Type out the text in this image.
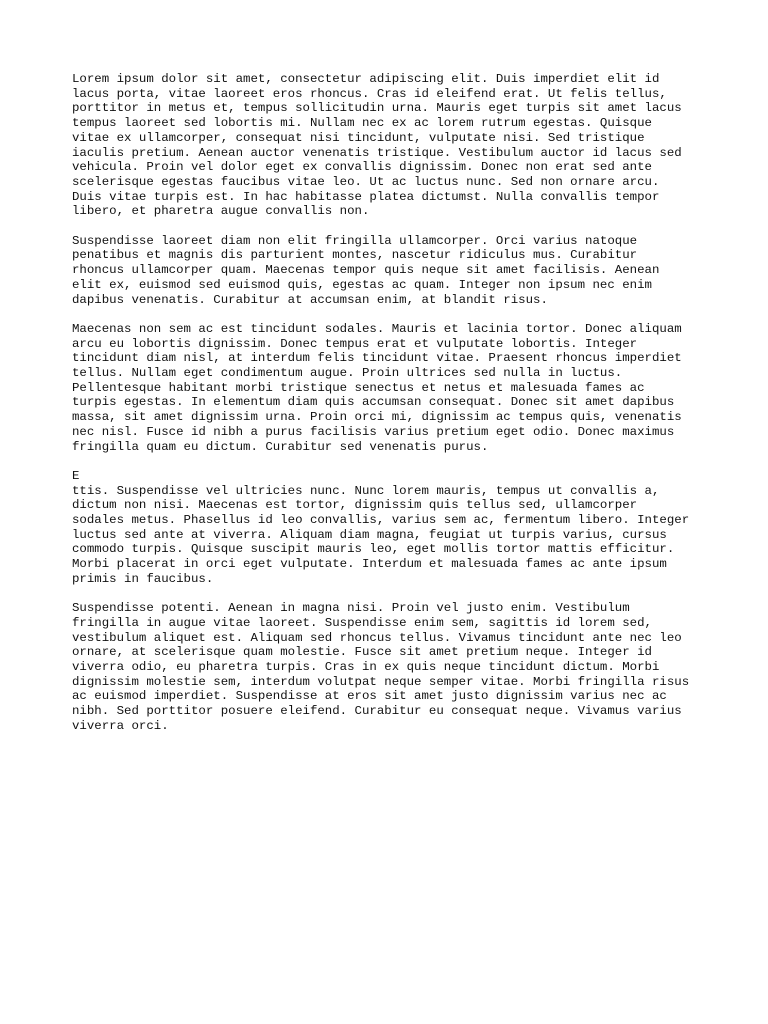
Lorem ipsum dolor sit amet, consectetur adipiscing elit. Duis imperdiet elit id
lacus porta, vitae laoreet eros rhoncus. Cras id eleifend erat. Ut felis tellus,
porttitor in metus et, tempus sollicitudin urna. Mauris eget turpis sit amet lacus
tempus laoreet sed lobortis mi. Nullam nec ex ac lorem rutrum egestas. Quisque
vitae ex ullamcorper, consequat nisi tincidunt, vulputate nisi. Sed tristique
iaculis pretium. Aenean auctor venenatis tristique. Vestibulum auctor id lacus sed
vehicula. Proin vel dolor eget ex convallis dignissim. Donec non erat sed ante
scelerisque egestas faucibus vitae leo. Ut ac luctus nunc. Sed non ornare arcu.
Duis vitae turpis est. In hac habitasse platea dictumst. Nulla convallis tempor
libero, et pharetra augue convallis non.

Suspendisse laoreet diam non elit fringilla ullamcorper. Orci varius natoque
penatibus et magnis dis parturient montes, nascetur ridiculus mus. Curabitur
rhoncus ullamcorper quam. Maecenas tempor quis neque sit amet facilisis. Aenean
elit ex, euismod sed euismod quis, egestas ac quam. Integer non ipsum nec enim
dapibus venenatis. Curabitur at accumsan enim, at blandit risus.

Maecenas non sem ac est tincidunt sodales. Mauris et lacinia tortor. Donec aliquam
arcu eu lobortis dignissim. Donec tempus erat et vulputate lobortis. Integer
tincidunt diam nisl, at interdum felis tincidunt vitae. Praesent rhoncus imperdiet
tellus. Nullam eget condimentum augue. Proin ultrices sed nulla in luctus.
Pellentesque habitant morbi tristique senectus et netus et malesuada fames ac
turpis egestas. In elementum diam quis accumsan consequat. Donec sit amet dapibus
massa, sit amet dignissim urna. Proin orci mi, dignissim ac tempus quis, venenatis
nec nisl. Fusce id nibh a purus facilisis varius pretium eget odio. Donec maximus
fringilla quam eu dictum. Curabitur sed venenatis purus.

E
ttis. Suspendisse vel ultricies nunc. Nunc lorem mauris, tempus ut convallis a,
dictum non nisi. Maecenas est tortor, dignissim quis tellus sed, ullamcorper
sodales metus. Phasellus id leo convallis, varius sem ac, fermentum libero. Integer
luctus sed ante at viverra. Aliquam diam magna, feugiat ut turpis varius, cursus
commodo turpis. Quisque suscipit mauris leo, eget mollis tortor mattis efficitur.
Morbi placerat in orci eget vulputate. Interdum et malesuada fames ac ante ipsum
primis in faucibus.

Suspendisse potenti. Aenean in magna nisi. Proin vel justo enim. Vestibulum
fringilla in augue vitae laoreet. Suspendisse enim sem, sagittis id lorem sed,
vestibulum aliquet est. Aliquam sed rhoncus tellus. Vivamus tincidunt ante nec leo
ornare, at scelerisque quam molestie. Fusce sit amet pretium neque. Integer id
viverra odio, eu pharetra turpis. Cras in ex quis neque tincidunt dictum. Morbi
dignissim molestie sem, interdum volutpat neque semper vitae. Morbi fringilla risus
ac euismod imperdiet. Suspendisse at eros sit amet justo dignissim varius nec ac
nibh. Sed porttitor posuere eleifend. Curabitur eu consequat neque. Vivamus varius
viverra orci.
